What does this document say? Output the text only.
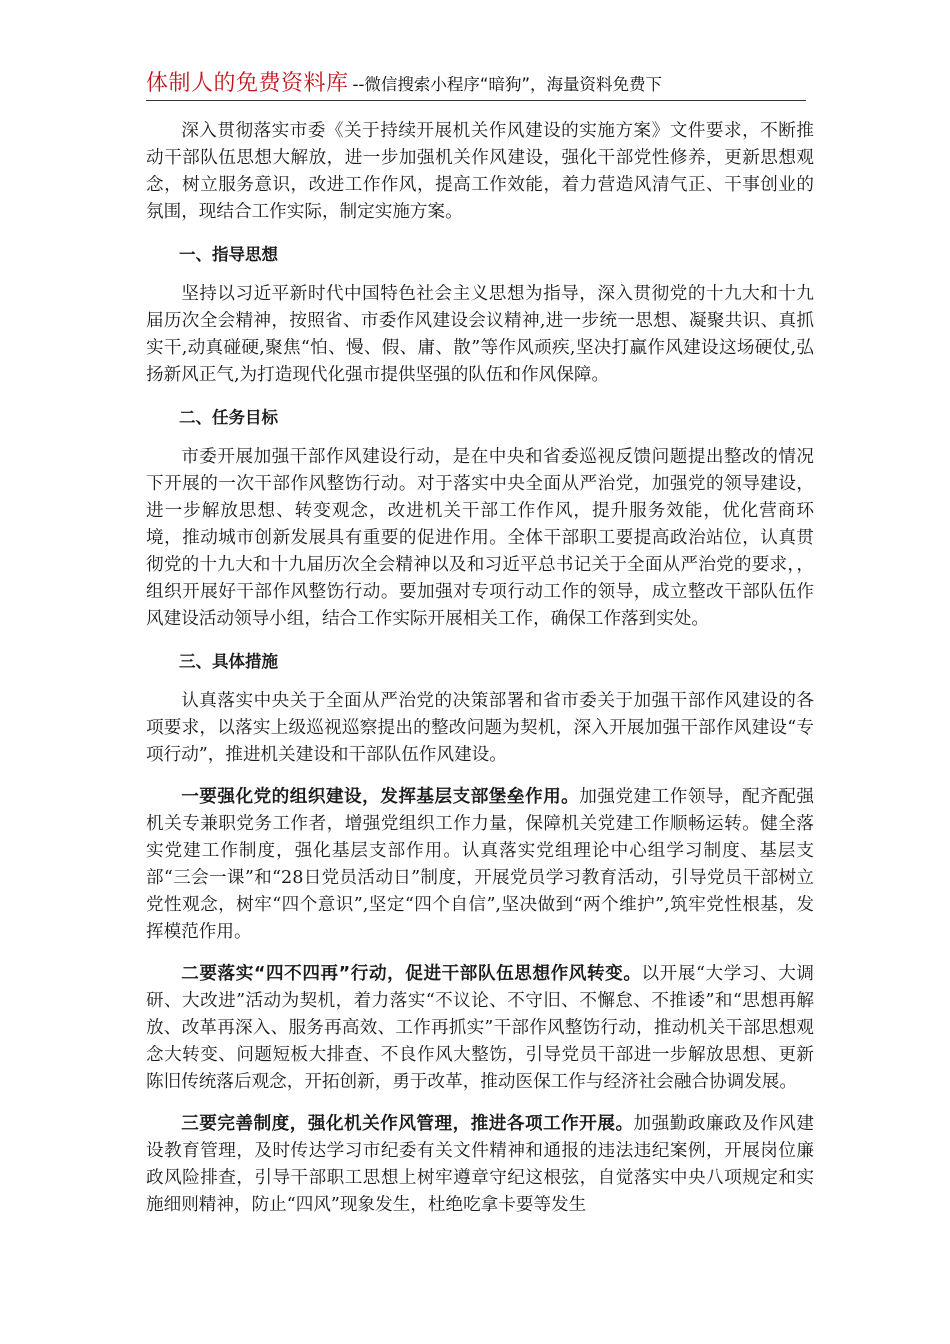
体制人的免费资料库 --微信搜索小程序“暗狗”，海量资料免费下

深入贯彻落实市委《关于持续开展机关作风建设的实施方案》文件要求，不断推动干部队伍思想大解放，进一步加强机关作风建设，强化干部党性修养，更新思想观念，树立服务意识，改进工作作风，提高工作效能，着力营造风清气正、干事创业的氛围，现结合工作实际，制定实施方案。

一、指导思想

坚持以习近平新时代中国特色社会主义思想为指导，深入贯彻党的十九大和十九届历次全会精神，按照省、市委作风建设会议精神,进一步统一思想、凝聚共识、真抓实干,动真碰硬,聚焦“怕、慢、假、庸、散”等作风顽疾,坚决打赢作风建设这场硬仗,弘扬新风正气,为打造现代化强市提供坚强的队伍和作风保障。

二、任务目标

市委开展加强干部作风建设行动，是在中央和省委巡视反馈问题提出整改的情况下开展的一次干部作风整饬行动。对于落实中央全面从严治党，加强党的领导建设，进一步解放思想、转变观念，改进机关干部工作作风，提升服务效能，优化营商环境，推动城市创新发展具有重要的促进作用。全体干部职工要提高政治站位，认真贯彻党的十九大和十九届历次全会精神以及和习近平总书记关于全面从严治党的要求，，组织开展好干部作风整饬行动。要加强对专项行动工作的领导，成立整改干部队伍作风建设活动领导小组，结合工作实际开展相关工作，确保工作落到实处。

三、具体措施

认真落实中央关于全面从严治党的决策部署和省市委关于加强干部作风建设的各项要求，以落实上级巡视巡察提出的整改问题为契机，深入开展加强干部作风建设“专项行动”，推进机关建设和干部队伍作风建设。

一要强化党的组织建设，发挥基层支部堡垒作用。加强党建工作领导，配齐配强机关专兼职党务工作者，增强党组织工作力量，保障机关党建工作顺畅运转。健全落实党建工作制度，强化基层支部作用。认真落实党组理论中心组学习制度、基层支部“三会一课”和“28日党员活动日”制度，开展党员学习教育活动，引导党员干部树立党性观念，树牢“四个意识”,坚定“四个自信”,坚决做到“两个维护”,筑牢党性根基，发挥模范作用。

二要落实“四不四再”行动，促进干部队伍思想作风转变。以开展“大学习、大调研、大改进”活动为契机，着力落实“不议论、不守旧、不懈怠、不推诿”和“思想再解放、改革再深入、服务再高效、工作再抓实”干部作风整饬行动，推动机关干部思想观念大转变、问题短板大排查、不良作风大整饬，引导党员干部进一步解放思想、更新陈旧传统落后观念，开拓创新，勇于改革，推动医保工作与经济社会融合协调发展。

三要完善制度，强化机关作风管理，推进各项工作开展。加强勤政廉政及作风建设教育管理，及时传达学习市纪委有关文件精神和通报的违法违纪案例，开展岗位廉政风险排查，引导干部职工思想上树牢遵章守纪这根弦，自觉落实中央八项规定和实施细则精神，防止“四风”现象发生，杜绝吃拿卡要等发生
